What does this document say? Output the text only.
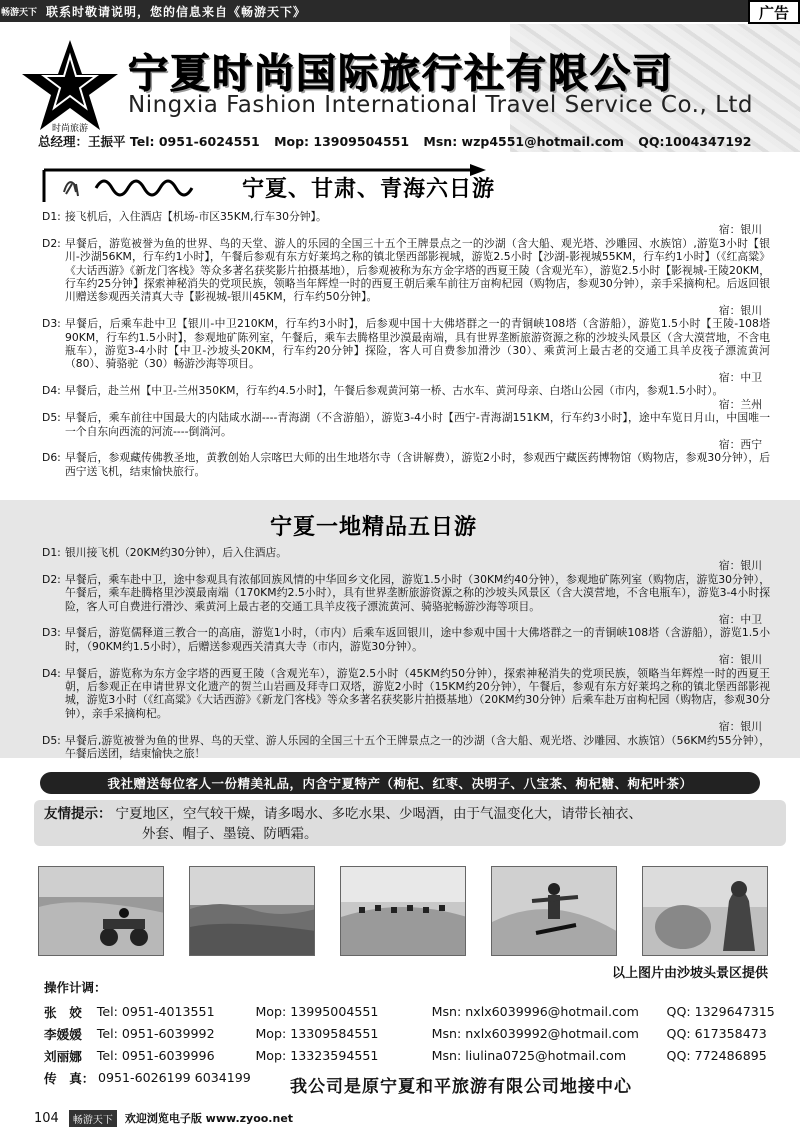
畅游天下 联系时敬请说明，您的信息来自《畅游天下》	广告
时尚旅游
宁夏时尚国际旅行社有限公司
Ningxia Fashion International Travel Service Co., Ltd
总经理：王振平 Tel: 0951-6024551 Mop: 13909504551 Msn: wzp4551@hotmail.com QQ:1004347192
宁夏、甘肃、青海六日游
D1: 接飞机后，入住酒店【机场-市区35KM,行车30分钟】。
宿：银川
D2: 早餐后，游览被誉为鱼的世界、鸟的天堂、游人的乐园的全国三十五个王牌景点之一的沙湖（含大船、观光塔、沙雕园、水族馆）,游览3小时【银川-沙湖56KM，行车约1小时】，午餐后参观有东方好莱坞之称的镇北堡西部影视城，游览2.5小时【沙湖-影视城55KM，行车约1小时】（《红高粱》《大话西游》《新龙门客栈》等众多著名获奖影片拍摄基地），后参观被称为东方金字塔的西夏王陵（含观光车），游览2.5小时【影视城-王陵20KM，行车约25分钟】探索神秘消失的党项民族，领略当年辉煌一时的西夏王朝后乘车前往万亩枸杞园（购物店，参观30分钟），亲手采摘枸杞。后返回银川赠送参观西关清真大寺【影视城-银川45KM，行车约50分钟】。
宿：银川
D3: 早餐后，后乘车赴中卫【银川-中卫210KM，行车约3小时】，后参观中国十大佛塔群之一的青铜峡108塔（含游船），游览1.5小时【王陵-108塔90KM，行车约1.5小时】，参观地矿陈列室，午餐后，乘车去腾格里沙漠最南端，具有世界垄断旅游资源之称的沙坡头风景区（含大漠营地，不含电瓶车），游览3-4小时【中卫-沙坡头20KM，行车约20分钟】探险，客人可自费参加滑沙（30）、乘黄河上最古老的交通工具羊皮筏子漂流黄河（80）、骑骆驼（30）畅游沙海等项目。
宿：中卫
D4: 早餐后，赴兰州【中卫-兰州350KM，行车约4.5小时】，午餐后参观黄河第一桥、古水车、黄河母亲、白塔山公园（市内，参观1.5小时）。
宿：兰州
D5: 早餐后，乘车前往中国最大的内陆咸水湖----青海湖（不含游船），游览3-4小时【西宁-青海湖151KM，行车约3小时】，途中车览日月山，中国唯一一个自东向西流的河流----倒淌河。
宿：西宁
D6: 早餐后，参观藏传佛教圣地，黄教创始人宗喀巴大师的出生地塔尔寺（含讲解费），游览2小时，参观西宁藏医药博物馆（购物店，参观30分钟），后西宁送飞机，结束愉快旅行。
宁夏一地精品五日游
D1: 银川接飞机（20KM约30分钟），后入住酒店。
宿：银川
D2: 早餐后，乘车赴中卫，途中参观具有浓郁回族风情的中华回乡文化园，游览1.5小时（30KM约40分钟），参观地矿陈列室（购物店，游览30分钟），午餐后，乘车赴腾格里沙漠最南端（170KM约2.5小时），具有世界垄断旅游资源之称的沙坡头风景区（含大漠营地，不含电瓶车），游览3-4小时探险，客人可自费进行滑沙、乘黄河上最古老的交通工具羊皮筏子漂流黄河、骑骆驼畅游沙海等项目。
宿：中卫
D3: 早餐后，游览儒释道三教合一的高庙，游览1小时，（市内）后乘车返回银川，途中参观中国十大佛塔群之一的青铜峡108塔（含游船），游览1.5小时，（90KM约1.5小时），后赠送参观西关清真大寺（市内，游览30分钟）。
宿：银川
D4: 早餐后，游览称为东方金字塔的西夏王陵（含观光车），游览2.5小时（45KM约50分钟），探索神秘消失的党项民族，领略当年辉煌一时的西夏王朝，后参观正在申请世界文化遗产的贺兰山岩画及拜寺口双塔，游览2小时（15KM约20分钟），午餐后，参观有东方好莱坞之称的镇北堡西部影视城，游览3小时（《红高粱》《大话西游》《新龙门客栈》等众多著名获奖影片拍摄基地）（20KM约30分钟）后乘车赴万亩枸杞园（购物店，参观30分钟），亲手采摘枸杞。
宿：银川
D5: 早餐后,游览被誉为鱼的世界、鸟的天堂、游人乐园的全国三十五个王牌景点之一的沙湖（含大船、观光塔、沙雕园、水族馆）（56KM约55分钟），午餐后送团，结束愉快之旅！
我社赠送每位客人一份精美礼品，内含宁夏特产（枸杞、红枣、决明子、八宝茶、枸杞糖、枸杞叶茶）
友情提示： 宁夏地区，空气较干燥，请多喝水、多吃水果、少喝酒，由于气温变化大，请带长袖衣、
外套、帽子、墨镜、防晒霜。
以上图片由沙坡头景区提供
操作计调：
张　姣	Tel: 0951-4013551	Mop: 13995004551	Msn: nxlx6039996@hotmail.com	QQ: 1329647315
李媛媛	Tel: 0951-6039992	Mop: 13309584551	Msn: nxlx6039992@hotmail.com	QQ: 617358473
刘丽娜	Tel: 0951-6039996	Mop: 13323594551	Msn: liulina0725@hotmail.com	QQ: 772486895
传　真： 0951-6026199 6034199 我公司是原宁夏和平旅游有限公司地接中心
104	畅游天下	欢迎浏览电子版 www.zyoo.net
